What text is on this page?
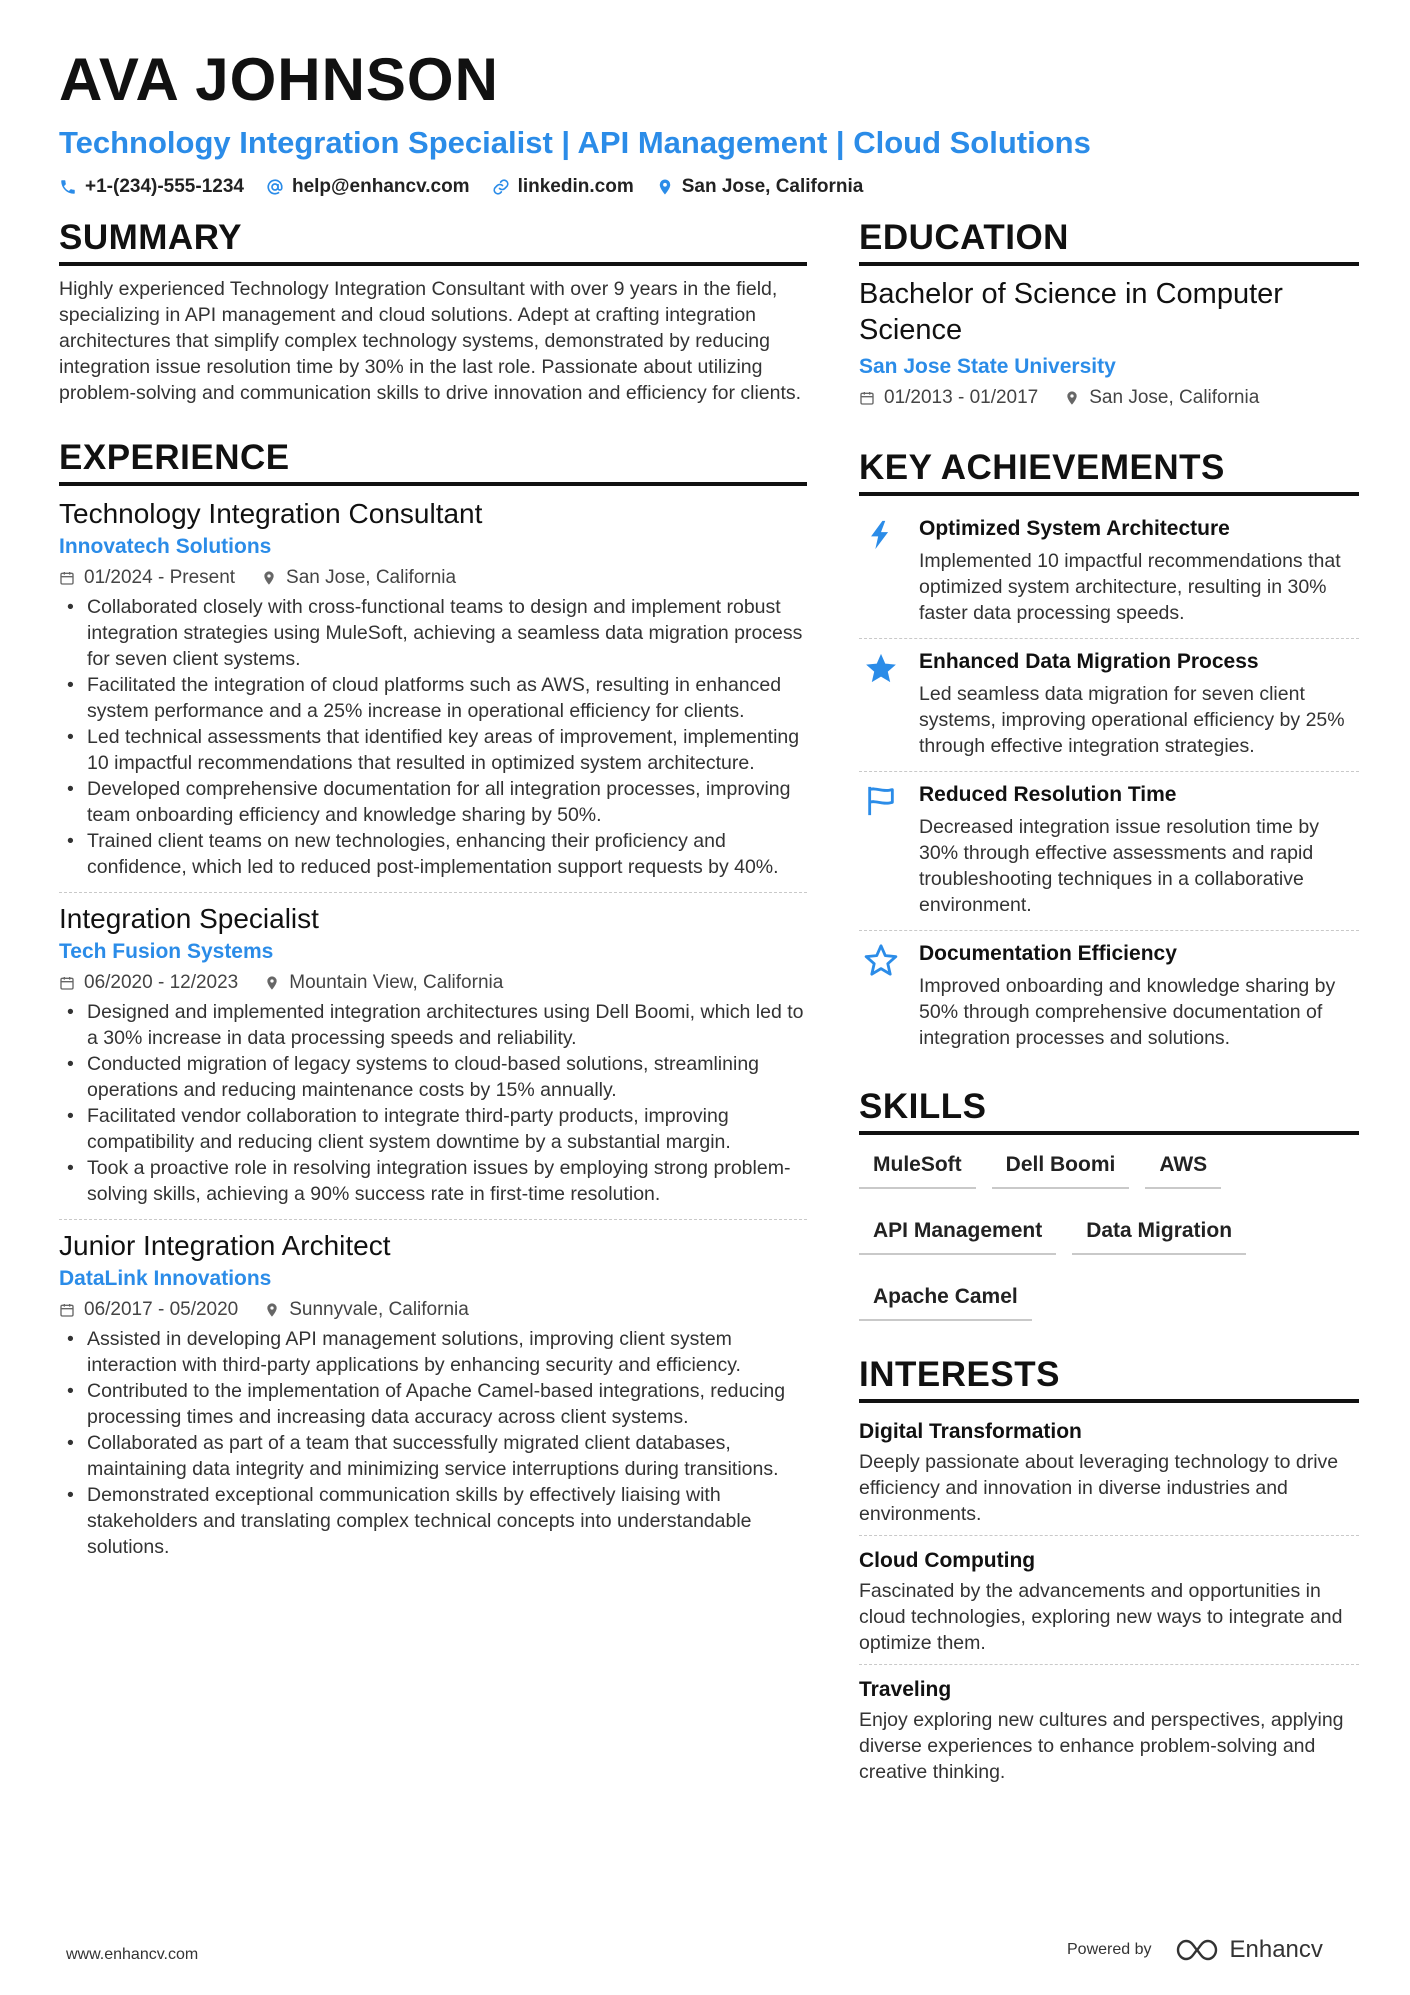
AVA JOHNSON
Technology Integration Specialist | API Management | Cloud Solutions
+1-(234)-555-1234	help@enhancv.com	linkedin.com	San Jose, California
SUMMARY
Highly experienced Technology Integration Consultant with over 9 years in the field, specializing in API management and cloud solutions. Adept at crafting integration architectures that simplify complex technology systems, demonstrated by reducing integration issue resolution time by 30% in the last role. Passionate about utilizing problem-solving and communication skills to drive innovation and efficiency for clients.
EXPERIENCE
Technology Integration Consultant
Innovatech Solutions
01/2024 - Present	San Jose, California
• Collaborated closely with cross-functional teams to design and implement robust integration strategies using MuleSoft, achieving a seamless data migration process for seven client systems.
• Facilitated the integration of cloud platforms such as AWS, resulting in enhanced system performance and a 25% increase in operational efficiency for clients.
• Led technical assessments that identified key areas of improvement, implementing 10 impactful recommendations that resulted in optimized system architecture.
• Developed comprehensive documentation for all integration processes, improving team onboarding efficiency and knowledge sharing by 50%.
• Trained client teams on new technologies, enhancing their proficiency and confidence, which led to reduced post-implementation support requests by 40%.
Integration Specialist
Tech Fusion Systems
06/2020 - 12/2023	Mountain View, California
• Designed and implemented integration architectures using Dell Boomi, which led to a 30% increase in data processing speeds and reliability.
• Conducted migration of legacy systems to cloud-based solutions, streamlining operations and reducing maintenance costs by 15% annually.
• Facilitated vendor collaboration to integrate third-party products, improving compatibility and reducing client system downtime by a substantial margin.
• Took a proactive role in resolving integration issues by employing strong problem-solving skills, achieving a 90% success rate in first-time resolution.
Junior Integration Architect
DataLink Innovations
06/2017 - 05/2020	Sunnyvale, California
• Assisted in developing API management solutions, improving client system interaction with third-party applications by enhancing security and efficiency.
• Contributed to the implementation of Apache Camel-based integrations, reducing processing times and increasing data accuracy across client systems.
• Collaborated as part of a team that successfully migrated client databases, maintaining data integrity and minimizing service interruptions during transitions.
• Demonstrated exceptional communication skills by effectively liaising with stakeholders and translating complex technical concepts into understandable solutions.
EDUCATION
Bachelor of Science in Computer Science
San Jose State University
01/2013 - 01/2017	San Jose, California
KEY ACHIEVEMENTS
Optimized System Architecture
Implemented 10 impactful recommendations that optimized system architecture, resulting in 30% faster data processing speeds.
Enhanced Data Migration Process
Led seamless data migration for seven client systems, improving operational efficiency by 25% through effective integration strategies.
Reduced Resolution Time
Decreased integration issue resolution time by 30% through effective assessments and rapid troubleshooting techniques in a collaborative environment.
Documentation Efficiency
Improved onboarding and knowledge sharing by 50% through comprehensive documentation of integration processes and solutions.
SKILLS
MuleSoft	Dell Boomi	AWS
API Management	Data Migration
Apache Camel
INTERESTS
Digital Transformation
Deeply passionate about leveraging technology to drive efficiency and innovation in diverse industries and environments.
Cloud Computing
Fascinated by the advancements and opportunities in cloud technologies, exploring new ways to integrate and optimize them.
Traveling
Enjoy exploring new cultures and perspectives, applying diverse experiences to enhance problem-solving and creative thinking.
www.enhancv.com	Powered by	Enhancv
